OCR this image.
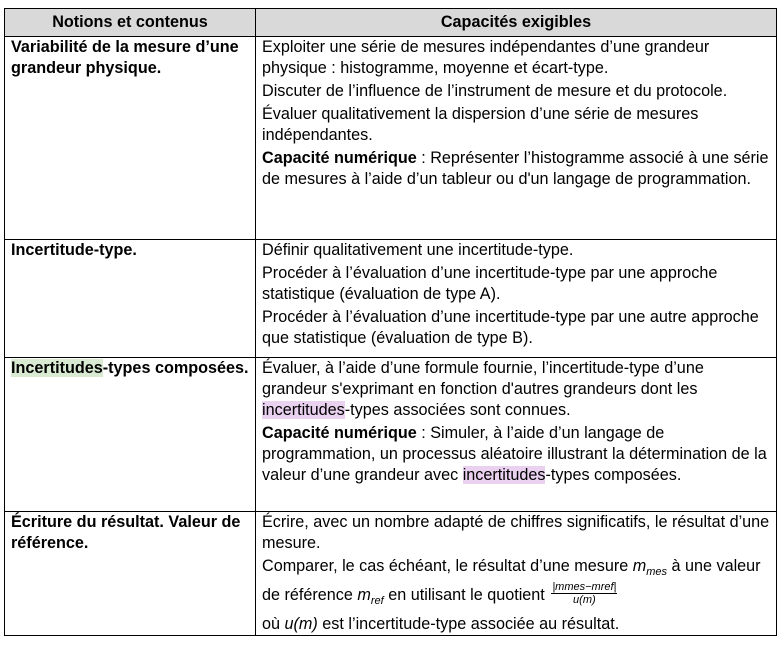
Notions et contenus	Capacités exigibles
Variabilité de la mesure d’une grandeur physique.	Exploiter une série de mesures indépendantes d’une grandeur physique : histogramme, moyenne et écart-type.

Discuter de l’influence de l’instrument de mesure et du protocole.

Évaluer qualitativement la dispersion d’une série de mesures indépendantes.

Capacité numérique : Représenter l’histogramme associé à une série de mesures à l’aide d’un tableur ou d'un langage de programmation.

Incertitude-type.	Définir qualitativement une incertitude-type.

Procéder à l’évaluation d’une incertitude-type par une approche statistique (évaluation de type A).

Procéder à l’évaluation d’une incertitude-type par une autre approche que statistique (évaluation de type B).

Incertitudes-types composées.	Évaluer, à l’aide d’une formule fournie, l’incertitude-type d’une grandeur s'exprimant en fonction d'autres grandeurs dont les incertitudes-types associées sont connues.

Capacité numérique : Simuler, à l’aide d’un langage de programmation, un processus aléatoire illustrant la détermination de la valeur d’une grandeur avec incertitudes-types composées.

Écriture du résultat. Valeur de référence.	Écrire, avec un nombre adapté de chiffres significatifs, le résultat d’une mesure.

Comparer, le cas échéant, le résultat d’une mesure $m_{mes}$ à une valeur de référence $m_{ref}$ en utilisant le quotient $\frac{\text{|mmes−mref|}}{u(m)}$

où u(m) est l’incertitude-type associée au résultat.
